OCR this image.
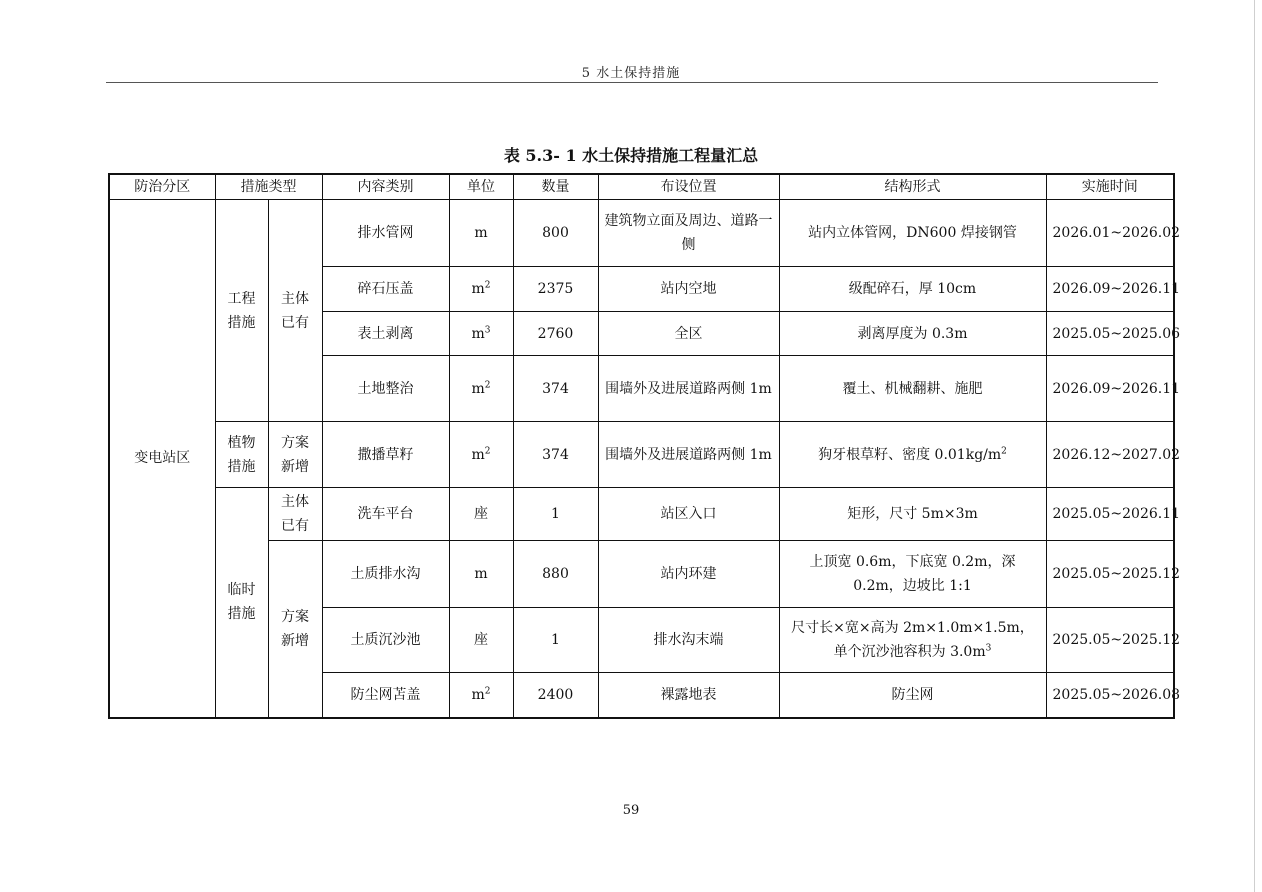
5 水土保持措施
表 5.3- 1 水土保持措施工程量汇总
防治分区	措施类型		内容类别	单位	数量	布设位置	结构形式	实施时间
变电站区	工程措施	主体已有	排水管网	m	800	建筑物立面及周边、道路一侧	站内立体管网，DN600 焊接钢管	2026.01~2026.02
			碎石压盖	$m^2$	2375	站内空地	级配碎石，厚 10cm	2026.09~2026.11
			表土剥离	$m^3$	2760	全区	剥离厚度为 0.3m	2025.05~2025.06
			土地整治	$m^2$	374	围墙外及进展道路两侧 1m	覆土、机械翻耕、施肥	2026.09~2026.11

	植物措施	方案新增	撒播草籽	$m^2$	374	围墙外及进展道路两侧 1m	狗牙根草籽、密度 $0.01kg/m^2$	2026.12~2027.02

	临时措施	主体已有	洗车平台	座	1	站区入口	矩形，尺寸 5m×3m	2025.05~2026.11

		方案新增	土质排水沟	m	880	站内环建	上顶宽 0.6m，下底宽 0.2m，深 0.2m，边坡比 1:1	2025.05~2025.12
			土质沉沙池	座	1	排水沟末端	尺寸长×宽×高为 2m×1.0m×1.5m，单个沉沙池容积为 $3.0m^3$	2025.05~2025.12
			防尘网苫盖	$m^2$	2400	裸露地表	防尘网	2025.05~2026.08
59
